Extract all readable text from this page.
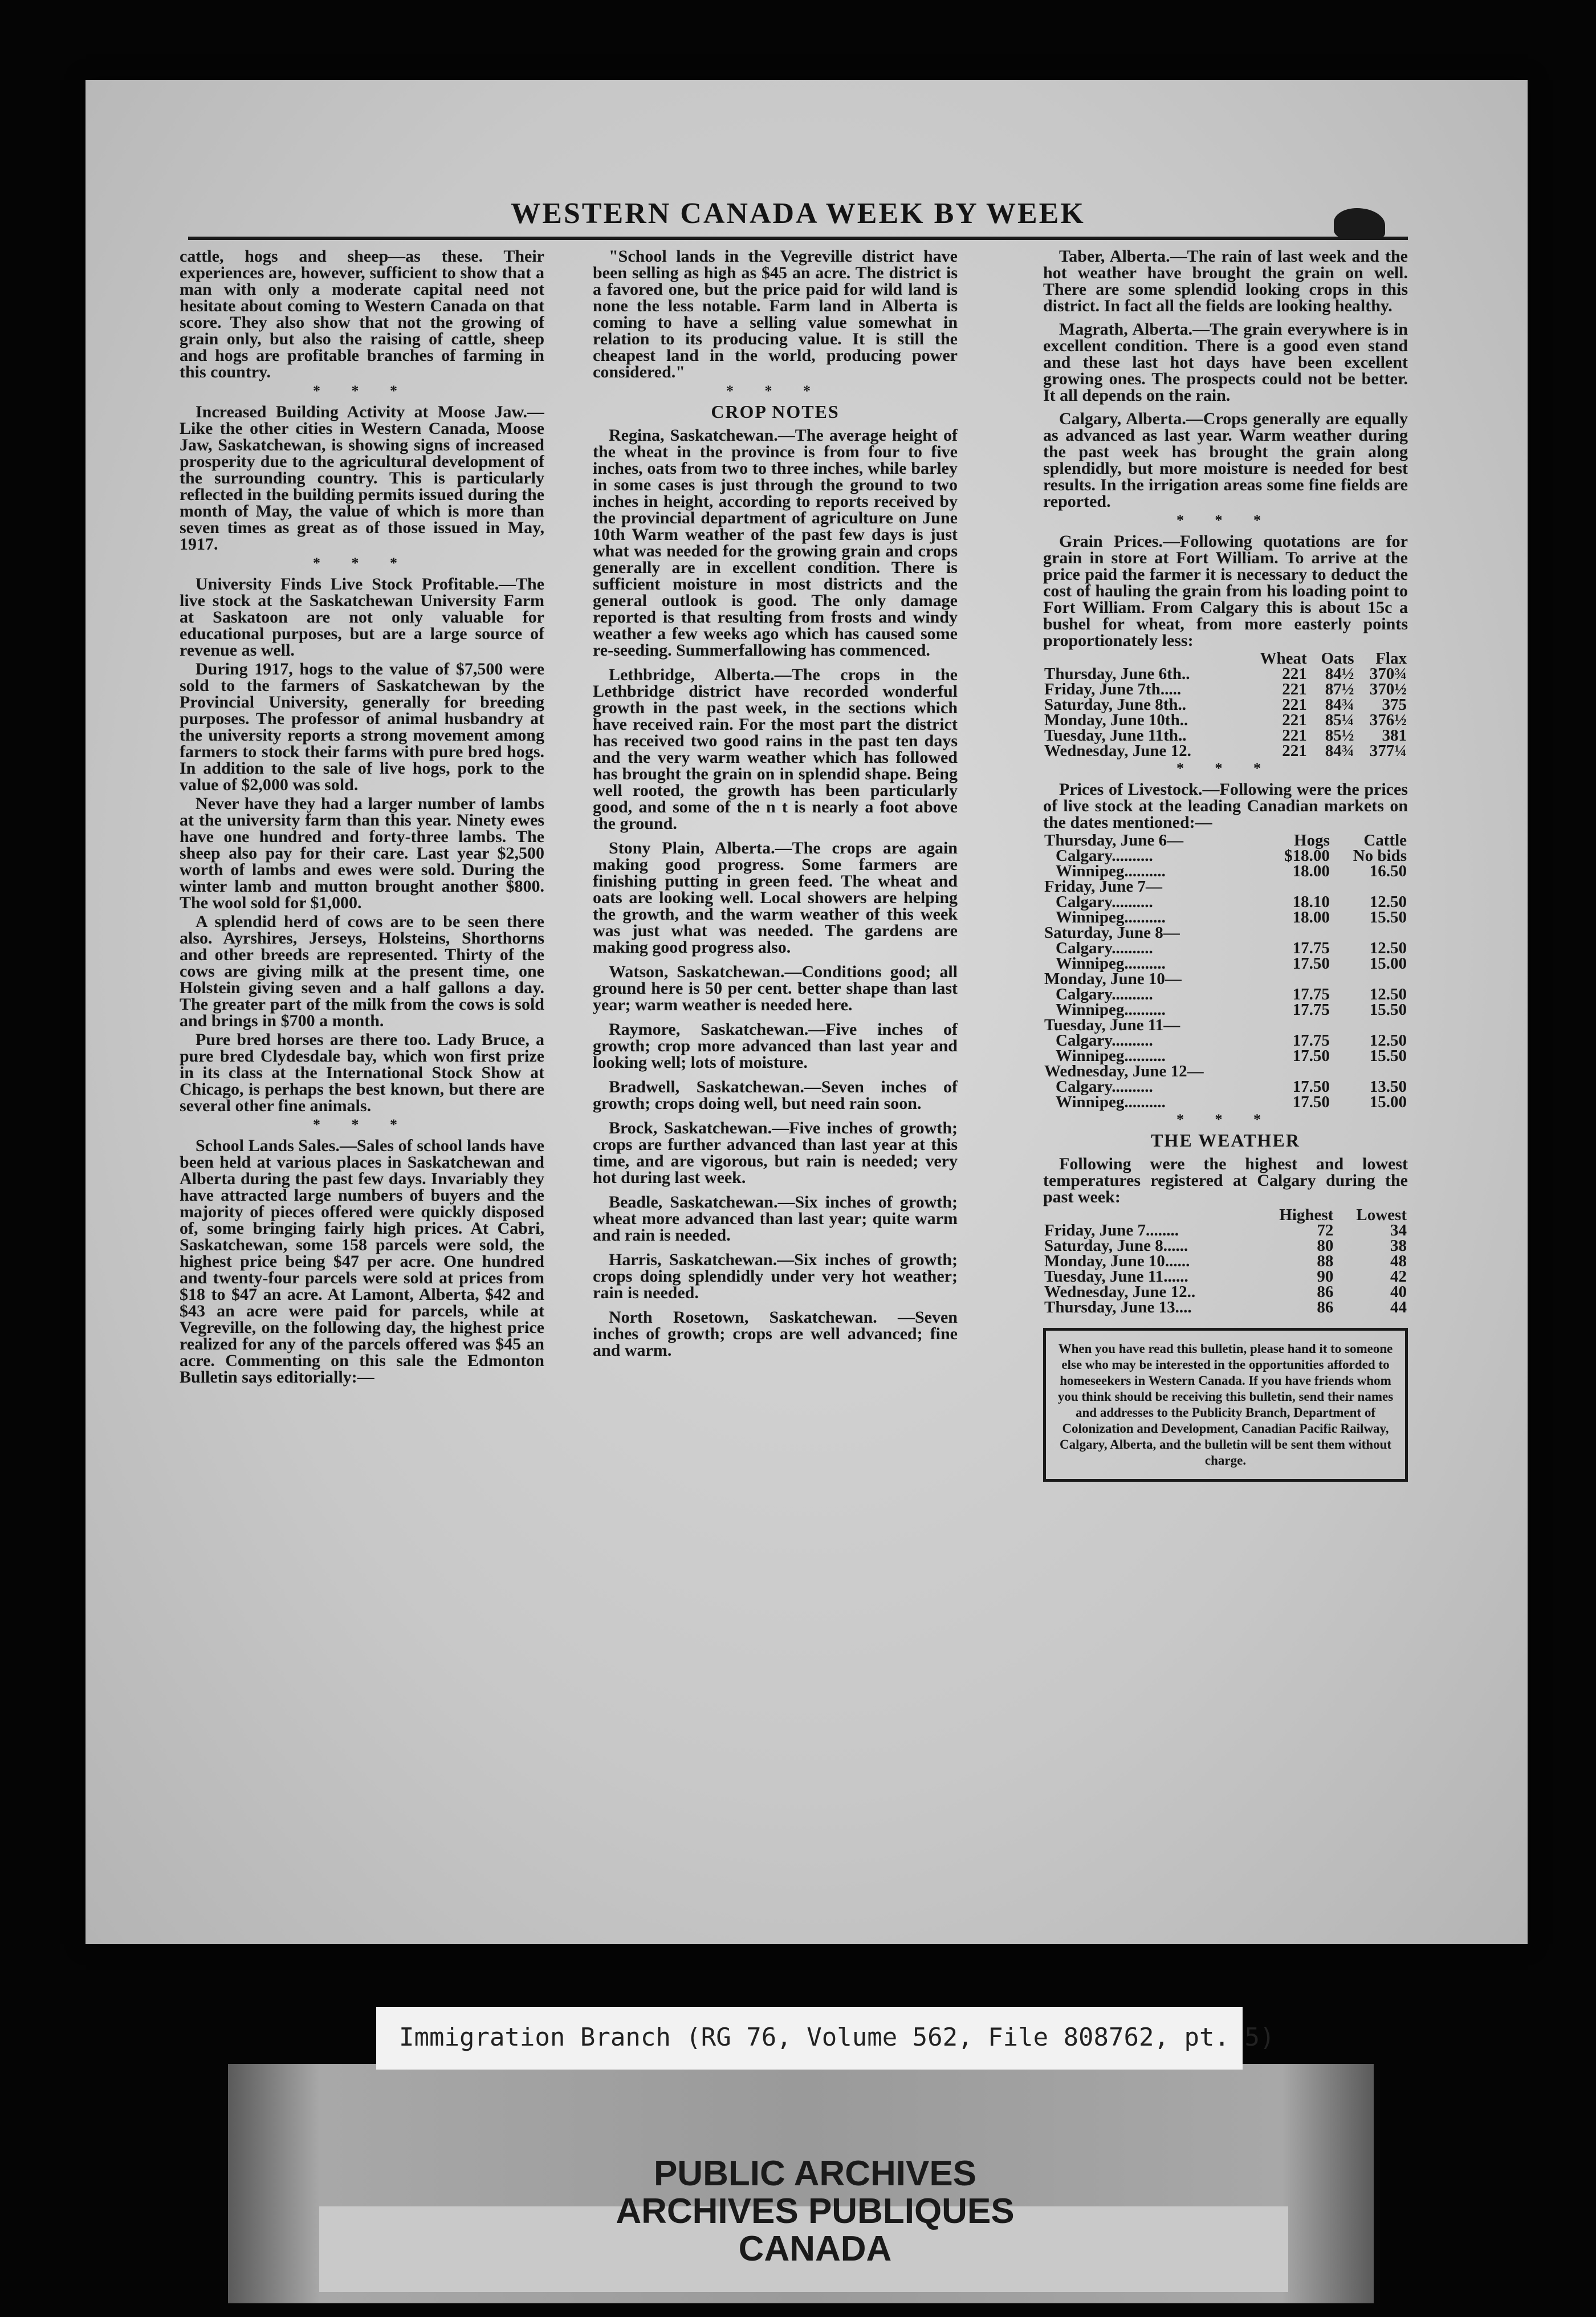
WESTERN CANADA WEEK BY WEEK

cattle, hogs and sheep—as these. Their experiences are, however, sufficient to show that a man with only a moderate capital need not hesitate about coming to Western Canada on that score. They also show that not the growing of grain only, but also the raising of cattle, sheep and hogs are profitable branches of farming in this country.

* * *

Increased Building Activity at Moose Jaw.—Like the other cities in Western Canada, Moose Jaw, Saskatchewan, is showing signs of increased prosperity due to the agricultural development of the surrounding country. This is particularly reflected in the building permits issued during the month of May, the value of which is more than seven times as great as of those issued in May, 1917.

* * *

University Finds Live Stock Profitable.—The live stock at the Saskatchewan University Farm at Saskatoon are not only valuable for educational purposes, but are a large source of revenue as well.

During 1917, hogs to the value of $7,500 were sold to the farmers of Saskatchewan by the Provincial University, generally for breeding purposes. The professor of animal husbandry at the university reports a strong movement among farmers to stock their farms with pure bred hogs. In addition to the sale of live hogs, pork to the value of $2,000 was sold.

Never have they had a larger number of lambs at the university farm than this year. Ninety ewes have one hundred and forty-three lambs. The sheep also pay for their care. Last year $2,500 worth of lambs and ewes were sold. During the winter lamb and mutton brought another $800. The wool sold for $1,000.

A splendid herd of cows are to be seen there also. Ayrshires, Jerseys, Holsteins, Shorthorns and other breeds are represented. Thirty of the cows are giving milk at the present time, one Holstein giving seven and a half gallons a day. The greater part of the milk from the cows is sold and brings in $700 a month.

Pure bred horses are there too. Lady Bruce, a pure bred Clydesdale bay, which won first prize in its class at the International Stock Show at Chicago, is perhaps the best known, but there are several other fine animals.

* * *

School Lands Sales.—Sales of school lands have been held at various places in Saskatchewan and Alberta during the past few days. Invariably they have attracted large numbers of buyers and the majority of pieces offered were quickly disposed of, some bringing fairly high prices. At Cabri, Saskatchewan, some 158 parcels were sold, the highest price being $47 per acre. One hundred and twenty-four parcels were sold at prices from $18 to $47 an acre. At Lamont, Alberta, $42 and $43 an acre were paid for parcels, while at Vegreville, on the following day, the highest price realized for any of the parcels offered was $45 an acre. Commenting on this sale the Edmonton Bulletin says editorially:—

"School lands in the Vegreville district have been selling as high as $45 an acre. The district is a favored one, but the price paid for wild land is none the less notable. Farm land in Alberta is coming to have a selling value somewhat in relation to its producing value. It is still the cheapest land in the world, producing power considered."

* * *
CROP NOTES

Regina, Saskatchewan.—The average height of the wheat in the province is from four to five inches, oats from two to three inches, while barley in some cases is just through the ground to two inches in height, according to reports received by the provincial department of agriculture on June 10th Warm weather of the past few days is just what was needed for the growing grain and crops generally are in excellent condition. There is sufficient moisture in most districts and the general outlook is good. The only damage reported is that resulting from frosts and windy weather a few weeks ago which has caused some re-seeding. Summerfallowing has commenced.

Lethbridge, Alberta.—The crops in the Lethbridge district have recorded wonderful growth in the past week, in the sections which have received rain. For the most part the district has received two good rains in the past ten days and the very warm weather which has followed has brought the grain on in splendid shape. Being well rooted, the growth has been particularly good, and some of the n t is nearly a foot above the ground.

Stony Plain, Alberta.—The crops are again making good progress. Some farmers are finishing putting in green feed. The wheat and oats are looking well. Local showers are helping the growth, and the warm weather of this week was just what was needed. The gardens are making good progress also.

Watson, Saskatchewan.—Conditions good; all ground here is 50 per cent. better shape than last year; warm weather is needed here.

Raymore, Saskatchewan.—Five inches of growth; crop more advanced than last year and looking well; lots of moisture.

Bradwell, Saskatchewan.—Seven inches of growth; crops doing well, but need rain soon.

Brock, Saskatchewan.—Five inches of growth; crops are further advanced than last year at this time, and are vigorous, but rain is needed; very hot during last week.

Beadle, Saskatchewan.—Six inches of growth; wheat more advanced than last year; quite warm and rain is needed.

Harris, Saskatchewan.—Six inches of growth; crops doing splendidly under very hot weather; rain is needed.

North Rosetown, Saskatchewan. —Seven inches of growth; crops are well advanced; fine and warm.

Taber, Alberta.—The rain of last week and the hot weather have brought the grain on well. There are some splendid looking crops in this district. In fact all the fields are looking healthy.

Magrath, Alberta.—The grain everywhere is in excellent condition. There is a good even stand and these last hot days have been excellent growing ones. The prospects could not be better. It all depends on the rain.

Calgary, Alberta.—Crops generally are equally as advanced as last year. Warm weather during the past week has brought the grain along splendidly, but more moisture is needed for best results. In the irrigation areas some fine fields are reported.

* * *

Grain Prices.—Following quotations are for grain in store at Fort William. To arrive at the price paid the farmer it is necessary to deduct the cost of hauling the grain from his loading point to Fort William. From Calgary this is about 15c a bushel for wheat, from more easterly points proportionately less:

	Wheat	Oats	Flax
Thursday, June 6th..	221	84½	370¾
Friday, June 7th.....	221	87½	370½
Saturday, June 8th..	221	84¾	375
Monday, June 10th..	221	85¼	376½
Tuesday, June 11th..	221	85½	381
Wednesday, June 12.	221	84¾	377¼
* * *

Prices of Livestock.—Following were the prices of live stock at the leading Canadian markets on the dates mentioned:—

Thursday, June 6—	Hogs	Cattle
Calgary..........	$18.00	No bids
Winnipeg..........	18.00	16.50
Friday, June 7—		
Calgary..........	18.10	12.50
Winnipeg..........	18.00	15.50
Saturday, June 8—		
Calgary..........	17.75	12.50
Winnipeg..........	17.50	15.00
Monday, June 10—		
Calgary..........	17.75	12.50
Winnipeg..........	17.75	15.50
Tuesday, June 11—		
Calgary..........	17.75	12.50
Winnipeg..........	17.50	15.50
Wednesday, June 12—		
Calgary..........	17.50	13.50
Winnipeg..........	17.50	15.00
* * *
THE WEATHER

Following were the highest and lowest temperatures registered at Calgary during the past week:

	Highest	Lowest
Friday, June 7........	72	34
Saturday, June 8......	80	38
Monday, June 10......	88	48
Tuesday, June 11......	90	42
Wednesday, June 12..	86	40
Thursday, June 13....	86	44
When you have read this bulletin, please hand it to someone else who may be interested in the opportunities afforded to homeseekers in Western Canada. If you have friends whom you think should be receiving this bulletin, send their names and addresses to the Publicity Branch, Department of Colonization and Development, Canadian Pacific Railway, Calgary, Alberta, and the bulletin will be sent them without charge.
Immigration Branch (RG 76, Volume 562, File 808762, pt. 5)
PUBLIC ARCHIVES
ARCHIVES PUBLIQUES
CANADA
